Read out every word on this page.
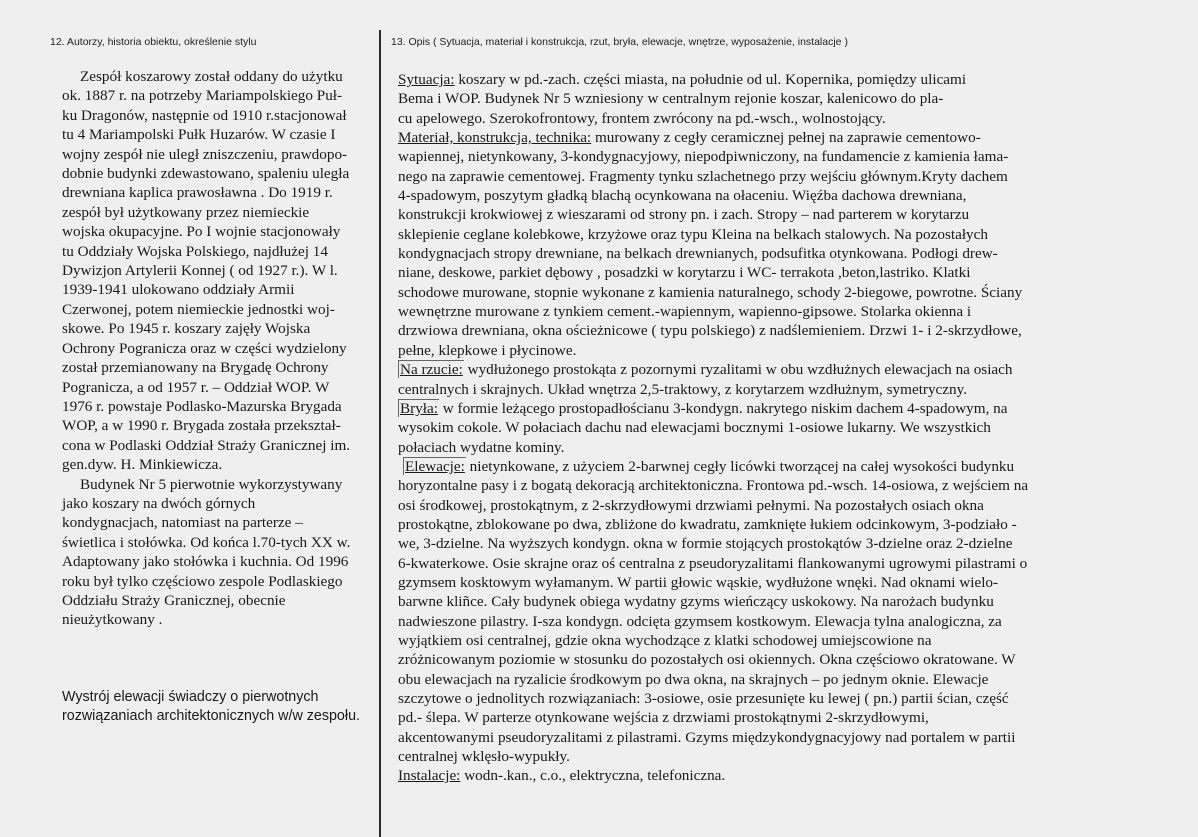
12. Autorzy, historia obiektu, określenie stylu	13. Opis ( Sytuacja, materiał i konstrukcja, rzut, bryła, elewacje, wnętrze, wyposażenie, instalacje )
Zespół koszarowy został oddany do użytku
ok. 1887 r. na potrzeby Mariampolskiego Puł-
ku Dragonów, następnie od 1910 r.stacjonował
tu 4 Mariampolski Pułk Huzarów. W czasie I
wojny zespół nie uległ zniszczeniu, prawdopo-
dobnie budynki zdewastowano, spaleniu uległa
drewniana kaplica prawosławna . Do 1919 r.
zespół był użytkowany przez niemieckie
wojska okupacyjne. Po I wojnie stacjonowały
tu Oddziały Wojska Polskiego, najdłużej 14
Dywizjon Artylerii Konnej ( od 1927 r.). W l.
1939-1941 ulokowano oddziały Armii
Czerwonej, potem niemieckie jednostki woj-
skowe. Po 1945 r. koszary zajęły Wojska
Ochrony Pogranicza oraz w części wydzielony
został przemianowany na Brygadę Ochrony
Pogranicza, a od 1957 r. – Oddział WOP. W
1976 r. powstaje Podlasko-Mazurska Brygada
WOP, a w 1990 r. Brygada została przekształ-
cona w Podlaski Oddział Straży Granicznej im.
gen.dyw. H. Minkiewicza.
Budynek Nr 5 pierwotnie wykorzystywany
jako koszary na dwóch górnych
kondygnacjach, natomiast na parterze –
świetlica i stołówka. Od końca l.70-tych XX w.
Adaptowany jako stołówka i kuchnia. Od 1996
roku był tylko częściowo zespole Podlaskiego
Oddziału Straży Granicznej, obecnie
nieużytkowany .
Wystrój elewacji świadczy o pierwotnych
rozwiązaniach architektonicznych w/w zespołu.
Sytuacja: koszary w pd.-zach. części miasta, na południe od ul. Kopernika, pomiędzy ulicami
Bema i WOP. Budynek Nr 5 wzniesiony w centralnym rejonie koszar, kalenicowo do pla-
cu apelowego. Szerokofrontowy, frontem zwrócony na pd.-wsch., wolnostojący.
Materiał, konstrukcja, technika: murowany z cegły ceramicznej pełnej na zaprawie cementowo-
wapiennej, nietynkowany, 3-kondygnacyjowy, niepodpiwniczony, na fundamencie z kamienia łama-
nego na zaprawie cementowej. Fragmenty tynku szlachetnego przy wejściu głównym.Kryty dachem
4-spadowym, poszytym gładką blachą ocynkowana na ołaceniu. Więźba dachowa drewniana,
konstrukcji krokwiowej z wieszarami od strony pn. i zach. Stropy – nad parterem w korytarzu
sklepienie ceglane kolebkowe, krzyżowe oraz typu Kleina na belkach stalowych. Na pozostałych
kondygnacjach stropy drewniane, na belkach drewnianych, podsufitka otynkowana. Podłogi drew-
niane, deskowe, parkiet dębowy , posadzki w korytarzu i WC- terrakota ,beton,lastriko. Klatki
schodowe murowane, stopnie wykonane z kamienia naturalnego, schody 2-biegowe, powrotne. Ściany
wewnętrzne murowane z tynkiem cement.-wapiennym, wapienno-gipsowe. Stolarka okienna i
drzwiowa drewniana, okna ościeżnicowe ( typu polskiego) z nadślemieniem. Drzwi 1- i 2-skrzydłowe,
pełne, klepkowe i płycinowe.
Na rzucie: wydłużonego prostokąta z pozornymi ryzalitami w obu wzdłużnych elewacjach na osiach
centralnych i skrajnych. Układ wnętrza 2,5-traktowy, z korytarzem wzdłużnym, symetryczny.
Bryła: w formie leżącego prostopadłościanu 3-kondygn. nakrytego niskim dachem 4-spadowym, na
wysokim cokole. W połaciach dachu nad elewacjami bocznymi 1-osiowe lukarny. We wszystkich
połaciach wydatne kominy.
Elewacje: nietynkowane, z użyciem 2-barwnej cegły licówki tworzącej na całej wysokości budynku
horyzontalne pasy i z bogatą dekoracją architektoniczna. Frontowa pd.-wsch. 14-osiowa, z wejściem na
osi środkowej, prostokątnym, z 2-skrzydłowymi drzwiami pełnymi. Na pozostałych osiach okna
prostokątne, zblokowane po dwa, zbliżone do kwadratu, zamknięte łukiem odcinkowym, 3-podziało -
we, 3-dzielne. Na wyższych kondygn. okna w formie stojących prostokątów 3-dzielne oraz 2-dzielne
6-kwaterkowe. Osie skrajne oraz oś centralna z pseudoryzalitami flankowanymi ugrowymi pilastrami o
gzymsem kosktowym wyłamanym. W partii głowic wąskie, wydłużone wnęki. Nad oknami wielo-
barwne kliñce. Cały budynek obiega wydatny gzyms wieńczący uskokowy. Na narożach budynku
nadwieszone pilastry. I-sza kondygn. odcięta gzymsem kostkowym. Elewacja tylna analogiczna, za
wyjątkiem osi centralnej, gdzie okna wychodzące z klatki schodowej umiejscowione na
zróżnicowanym poziomie w stosunku do pozostałych osi okiennych. Okna częściowo okratowane. W
obu elewacjach na ryzalicie środkowym po dwa okna, na skrajnych – po jednym oknie. Elewacje
szczytowe o jednolitych rozwiązaniach: 3-osiowe, osie przesunięte ku lewej ( pn.) partii ścian, część
pd.- ślepa. W parterze otynkowane wejścia z drzwiami prostokątnymi 2-skrzydłowymi,
akcentowanymi pseudoryzalitami z pilastrami. Gzyms międzykondygnacyjowy nad portalem w partii
centralnej wklęsło-wypukły.
Instalacje: wodn-.kan., c.o., elektryczna, telefoniczna.
